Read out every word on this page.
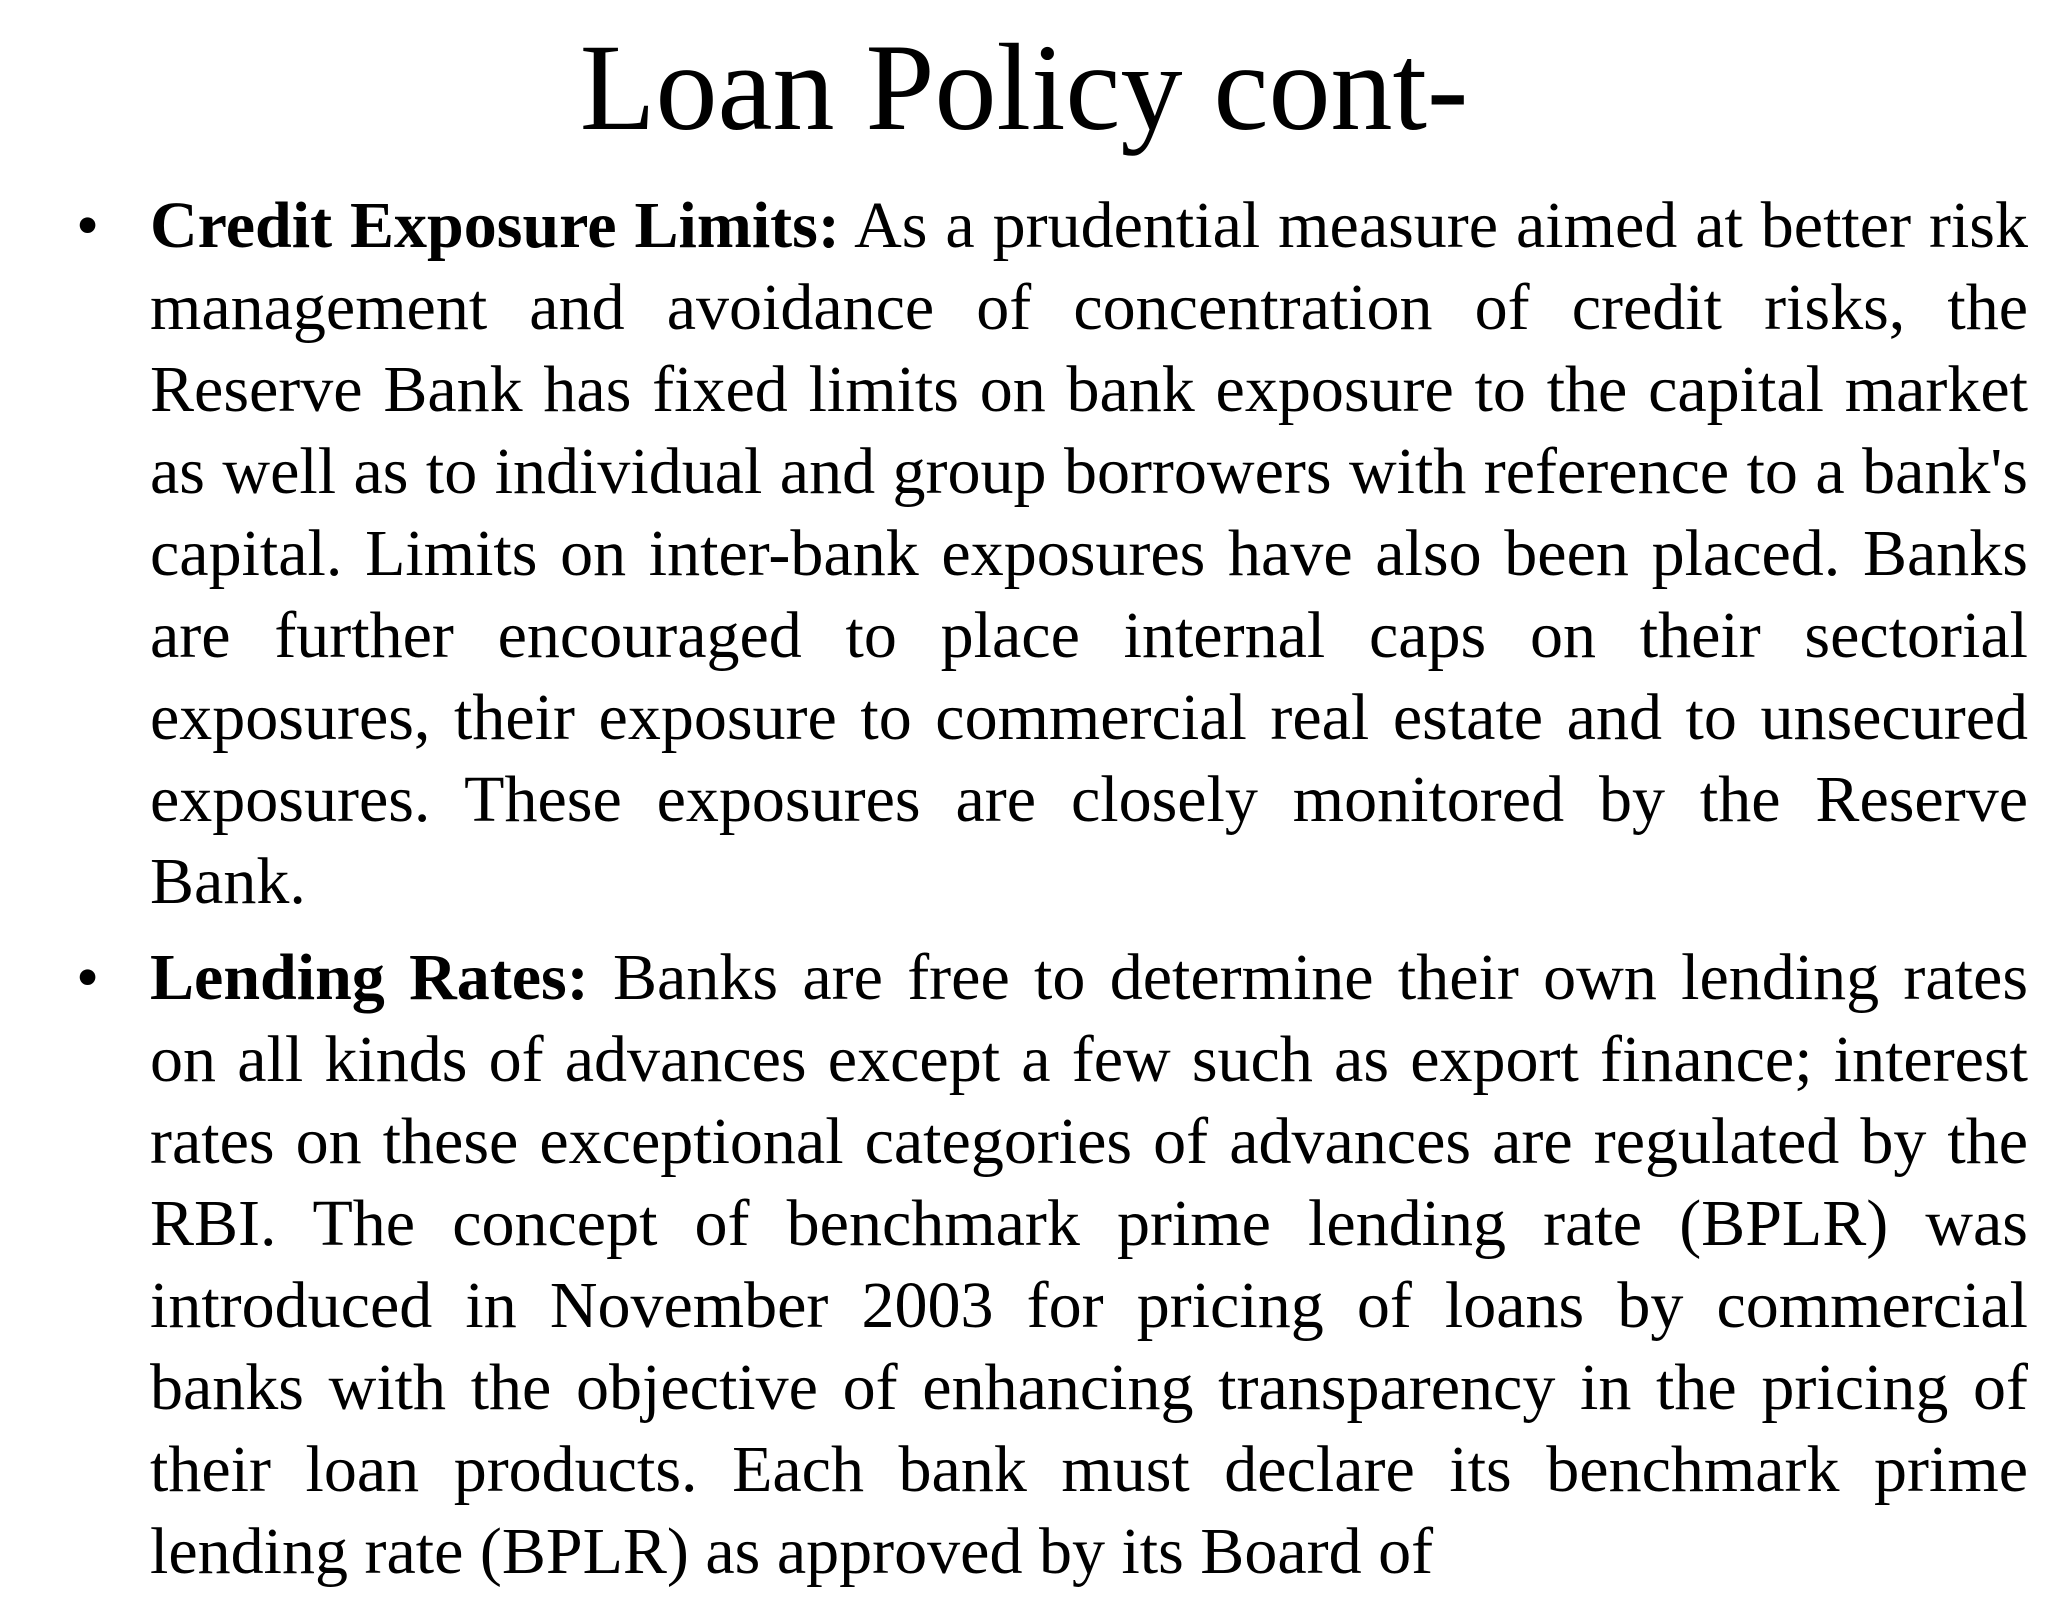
Loan Policy cont-
• Credit Exposure Limits: As a prudential measure aimed at better risk management and avoidance of concentration of credit risks, the Reserve Bank has fixed limits on bank exposure to the capital market as well as to individual and group borrowers with reference to a bank's capital. Limits on inter-bank exposures have also been placed. Banks are further encouraged to place internal caps on their sectorial exposures, their exposure to commercial real estate and to unsecured exposures. These exposures are closely monitored by the Reserve Bank.

• Lending Rates: Banks are free to determine their own lending rates on all kinds of advances except a few such as export finance; interest rates on these exceptional categories of advances are regulated by the RBI. The concept of benchmark prime lending rate (BPLR) was introduced in November 2003 for pricing of loans by commercial banks with the objective of enhancing transparency in the pricing of their loan products. Each bank must declare its benchmark prime lending rate (BPLR) as approved by its Board of
